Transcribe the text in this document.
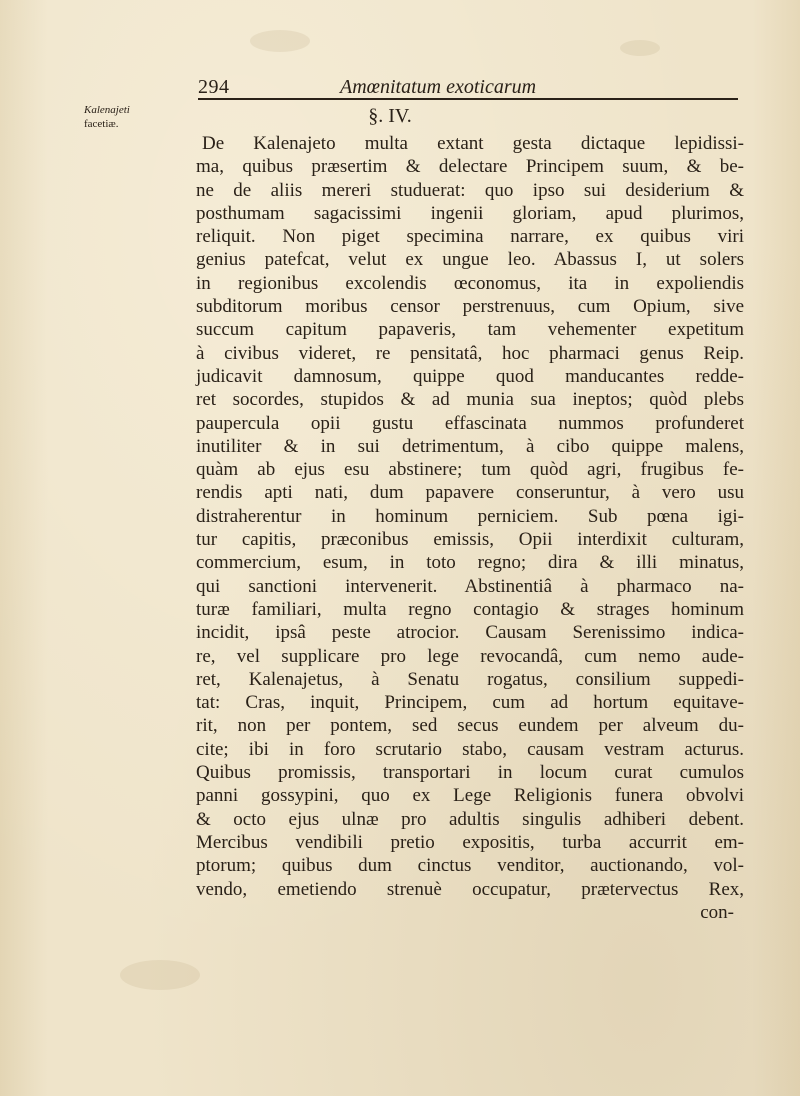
294	Amœnitatum exoticarum
Kalenajeti
facetiæ.	§. IV.
De Kalenajeto multa extant gesta dictaque lepidissi-
ma, quibus præsertim & delectare Principem suum, & be-
ne de aliis mereri studuerat: quo ipso sui desiderium &
posthumam sagacissimi ingenii gloriam, apud plurimos,
reliquit. Non piget specimina narrare, ex quibus viri
genius patefcat, velut ex ungue leo. Abassus I, ut solers
in regionibus excolendis œconomus, ita in expoliendis
subditorum moribus censor perstrenuus, cum Opium, sive
succum capitum papaveris, tam vehementer expetitum
à civibus videret, re pensitatâ, hoc pharmaci genus Reip.
judicavit damnosum, quippe quod manducantes redde-
ret socordes, stupidos & ad munia sua ineptos; quòd plebs
paupercula opii gustu effascinata nummos profunderet
inutiliter & in sui detrimentum, à cibo quippe malens,
quàm ab ejus esu abstinere; tum quòd agri, frugibus fe-
rendis apti nati, dum papavere conseruntur, à vero usu
distraherentur in hominum perniciem. Sub pœna igi-
tur capitis, præconibus emissis, Opii interdixit culturam,
commercium, esum, in toto regno; dira & illi minatus,
qui sanctioni intervenerit. Abstinentiâ à pharmaco na-
turæ familiari, multa regno contagio & strages hominum
incidit, ipsâ peste atrocior. Causam Serenissimo indica-
re, vel supplicare pro lege revocandâ, cum nemo aude-
ret, Kalenajetus, à Senatu rogatus, consilium suppedi-
tat: Cras, inquit, Principem, cum ad hortum equitave-
rit, non per pontem, sed secus eundem per alveum du-
cite; ibi in foro scrutario stabo, causam vestram acturus.
Quibus promissis, transportari in locum curat cumulos
panni gossypini, quo ex Lege Religionis funera obvolvi
& octo ejus ulnæ pro adultis singulis adhiberi debent.
Mercibus vendibili pretio expositis, turba accurrit em-
ptorum; quibus dum cinctus venditor, auctionando, vol-
vendo, emetiendo strenuè occupatur, prætervectus Rex,
con-
